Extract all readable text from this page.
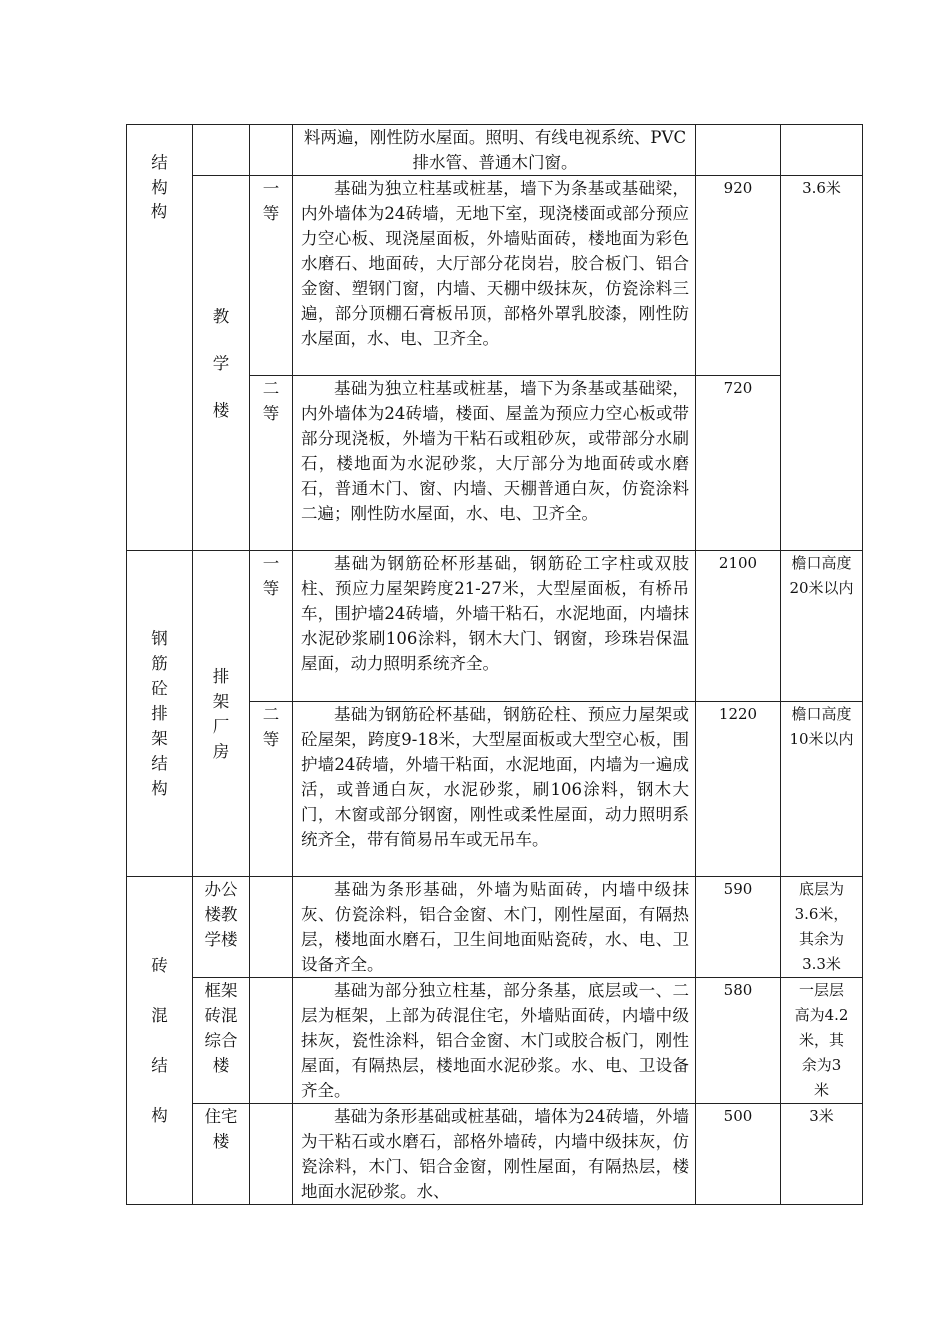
结构			料两遍，刚性防水屋面。照明、有线电视系统、PVC排水管、普通木门窗。		

	教学楼	一等	基础为独立柱基或桩基，墙下为条基或基础梁，内外墙体为24砖墙，无地下室，现浇楼面或部分预应力空心板、现浇屋面板，外墙贴面砖，楼地面为彩色水磨石、地面砖，大厅部分花岗岩，胶合板门、铝合金窗、塑钢门窗，内墙、天棚中级抹灰，仿瓷涂料三遍，部分顶棚石膏板吊顶，部格外罩乳胶漆，刚性防水屋面，水、电、卫齐全。	920	3.6米

		二等	基础为独立柱基或桩基，墙下为条基或基础梁，内外墙体为24砖墙，楼面、屋盖为预应力空心板或带部分现浇板，外墙为干粘石或粗砂灰，或带部分水刷石，楼地面为水泥砂浆，大厅部分为地面砖或水磨石，普通木门、窗、内墙、天棚普通白灰，仿瓷涂料二遍；刚性防水屋面，水、电、卫齐全。	720	

钢筋砼排架结构	排架厂房	一等	基础为钢筋砼杯形基础，钢筋砼工字柱或双肢柱、预应力屋架跨度21-27米，大型屋面板，有桥吊车，围护墙24砖墙，外墙干粘石，水泥地面，内墙抹水泥砂浆刷106涂料，钢木大门、钢窗，珍珠岩保温屋面，动力照明系统齐全。	2100	檐口高度20米以内

		二等	基础为钢筋砼杯基础，钢筋砼柱、预应力屋架或砼屋架，跨度9-18米，大型屋面板或大型空心板，围护墙24砖墙，外墙干粘面，水泥地面，内墙为一遍成活，或普通白灰，水泥砂浆，刷106涂料，钢木大门，木窗或部分钢窗，刚性或柔性屋面，动力照明系统齐全，带有简易吊车或无吊车。	1220	檐口高度10米以内

砖混结构	办公楼教学楼		基础为条形基础，外墙为贴面砖，内墙中级抹灰、仿瓷涂料，铝合金窗、木门，刚性屋面，有隔热层，楼地面水磨石，卫生间地面贴瓷砖，水、电、卫设备齐全。	590	底层为3.6米，其余为3.3米

	框架砖混综合楼		基础为部分独立柱基，部分条基，底层或一、二层为框架，上部为砖混住宅，外墙贴面砖，内墙中级抹灰，瓷性涂料，铝合金窗、木门或胶合板门，刚性屋面，有隔热层，楼地面水泥砂浆。水、电、卫设备齐全。	580	一层层高为4.2米，其余为3米

	住宅楼		基础为条形基础或桩基础，墙体为24砖墙，外墙为干粘石或水磨石，部格外墙砖，内墙中级抹灰，仿瓷涂料，木门、铝合金窗，刚性屋面，有隔热层，楼地面水泥砂浆。水、	500	3米
构
